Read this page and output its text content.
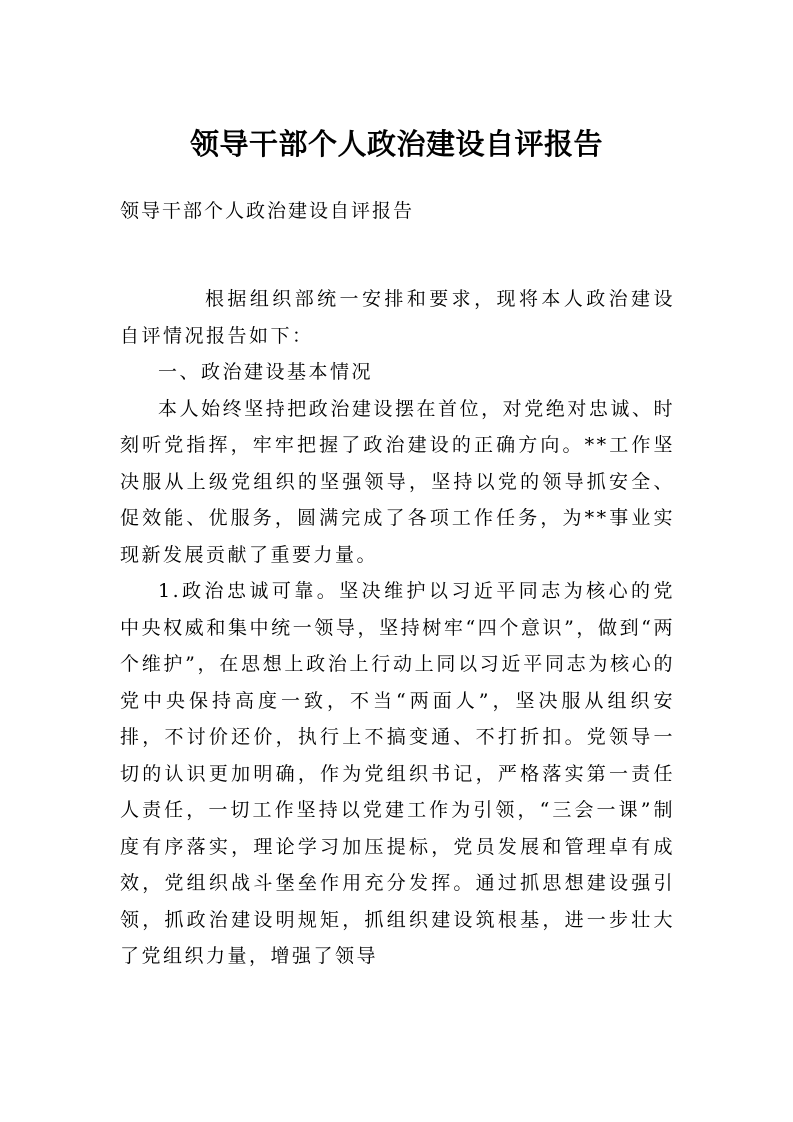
领导干部个人政治建设自评报告
领导干部个人政治建设自评报告

根据组织部统一安排和要求，现将本人政治建设自评情况报告如下：

一、政治建设基本情况

本人始终坚持把政治建设摆在首位，对党绝对忠诚、时刻听党指挥，牢牢把握了政治建设的正确方向。**工作坚决服从上级党组织的坚强领导，坚持以党的领导抓安全、促效能、优服务，圆满完成了各项工作任务，为**事业实现新发展贡献了重要力量。

1.政治忠诚可靠。坚决维护以习近平同志为核心的党中央权威和集中统一领导，坚持树牢“四个意识”，做到“两个维护”，在思想上政治上行动上同以习近平同志为核心的党中央保持高度一致，不当“两面人”，坚决服从组织安排，不讨价还价，执行上不搞变通、不打折扣。党领导一切的认识更加明确，作为党组织书记，严格落实第一责任人责任，一切工作坚持以党建工作为引领，“三会一课”制度有序落实，理论学习加压提标，党员发展和管理卓有成效，党组织战斗堡垒作用充分发挥。通过抓思想建设强引领，抓政治建设明规矩，抓组织建设筑根基，进一步壮大了党组织力量，增强了领导
